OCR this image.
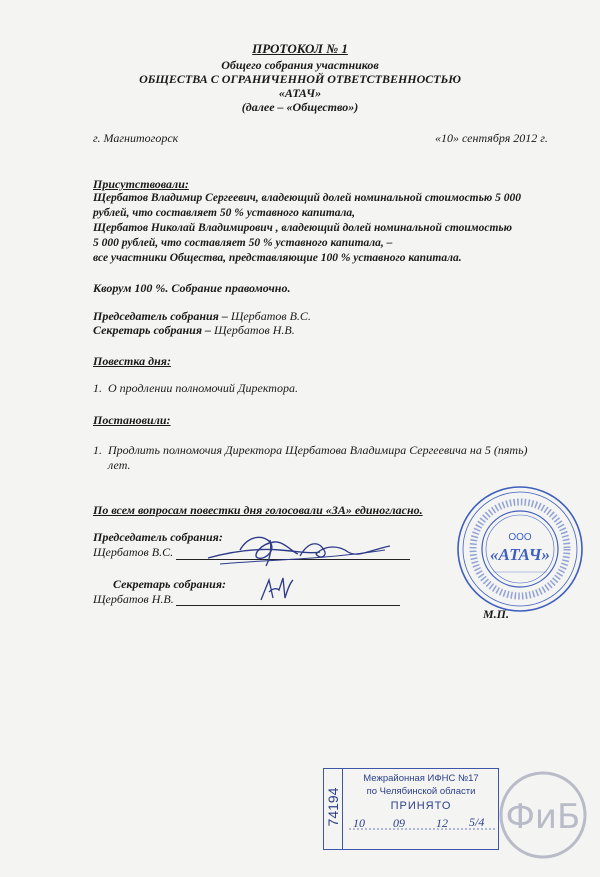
ПРОТОКОЛ № 1
Общего собрания участников
ОБЩЕСТВА С ОГРАНИЧЕННОЙ ОТВЕТСТВЕННОСТЬЮ
«АТАЧ»
(далее – «Общество»)
г. Магнитогорск	«10» сентября 2012 г.
Присутствовали:
Щербатов Владимир Сергеевич, владеющий долей номинальной стоимостью 5 000
рублей, что составляет 50 % уставного капитала,
Щербатов Николай Владимирович , владеющий долей номинальной стоимостью
5 000 рублей, что составляет 50 % уставного капитала, –
все участники Общества, представляющие 100 % уставного капитала.
Кворум 100 %. Собрание правомочно.
Председатель собрания – Щербатов В.С.
Секретарь собрания – Щербатов Н.В.
Повестка дня:
1. О продлении полномочий Директора.
Постановили:
1. Продлить полномочия Директора Щербатова Владимира Сергеевича на 5 (пять)
лет.
По всем вопросам повестки дня голосовали «ЗА» единогласно.
Председатель собрания:
Щербатов В.С.
Секретарь собрания:
Щербатов Н.В.
М.П.
ООО
«АТАЧ»
74194
Межрайонная ИФНС №17
по Челябинской области
ПРИНЯТО
10 09	12 5/4 ФиБ
